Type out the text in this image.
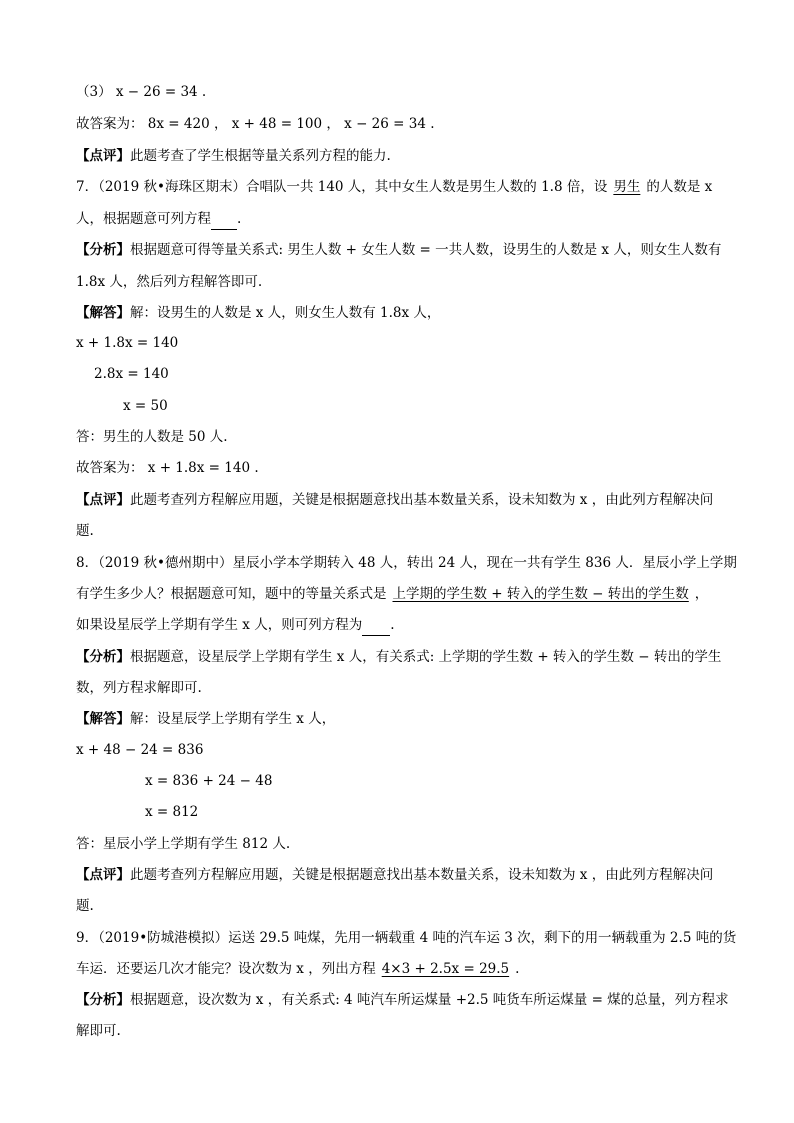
（3） x − 26 = 34 .
故答案为： 8x = 420 ， x + 48 = 100 ， x − 26 = 34 .
【点评】此题考查了学生根据等量关系列方程的能力.
7．（2019 秋•海珠区期末）合唱队一共 140 人，其中女生人数是男生人数的 1.8 倍，设 男生 的人数是 x
人，根据题意可列方程 .
【分析】根据题意可得等量关系式: 男生人数 + 女生人数 = 一共人数，设男生的人数是 x 人，则女生人数有
1.8x 人，然后列方程解答即可.
【解答】解：设男生的人数是 x 人，则女生人数有 1.8x 人，
x + 1.8x = 140
2.8x = 140
x = 50
答：男生的人数是 50 人.
故答案为： x + 1.8x = 140 .
【点评】此题考查列方程解应用题，关键是根据题意找出基本数量关系，设未知数为 x ，由此列方程解决问
题.
8．（2019 秋•德州期中）星辰小学本学期转入 48 人，转出 24 人，现在一共有学生 836 人．星辰小学上学期
有学生多少人？根据题意可知，题中的等量关系式是 上学期的学生数 + 转入的学生数 − 转出的学生数 ，
如果设星辰学上学期有学生 x 人，则可列方程为 .
【分析】根据题意，设星辰学上学期有学生 x 人，有关系式: 上学期的学生数 + 转入的学生数 − 转出的学生
数，列方程求解即可.
【解答】解：设星辰学上学期有学生 x 人，
x + 48 − 24 = 836
x = 836 + 24 − 48
x = 812
答：星辰小学上学期有学生 812 人.
【点评】此题考查列方程解应用题，关键是根据题意找出基本数量关系，设未知数为 x ，由此列方程解决问
题.
9．（2019•防城港模拟）运送 29.5 吨煤，先用一辆载重 4 吨的汽车运 3 次，剩下的用一辆载重为 2.5 吨的货
车运．还要运几次才能完？设次数为 x ，列出方程 4×3 + 2.5x = 29.5 .
【分析】根据题意，设次数为 x ，有关系式: 4 吨汽车所运煤量 +2.5 吨货车所运煤量 = 煤的总量，列方程求
解即可.
